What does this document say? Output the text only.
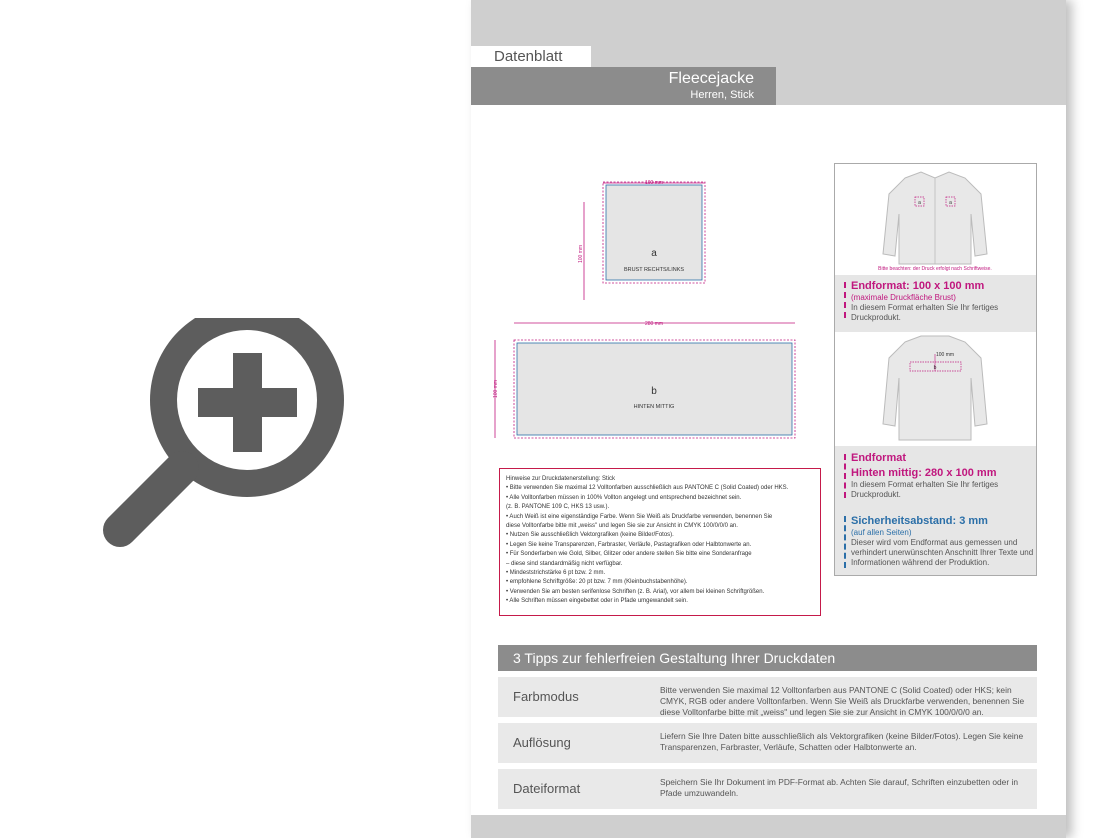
Datenblatt
Fleecejacke
Herren, Stick
100 mm
100 mm	a
BRUST RECHTS/LINKS
280 mm
100 mm	b
HINTEN MITTIG
Hinweise zur Druckdatenerstellung: Stick
• Bitte verwenden Sie maximal 12 Volltonfarben ausschließlich aus PANTONE C (Solid Coated) oder HKS.
• Alle Volltonfarben müssen in 100% Vollton angelegt und entsprechend bezeichnet sein.
(z. B. PANTONE 109 C, HKS 13 usw.).
• Auch Weiß ist eine eigenständige Farbe. Wenn Sie Weiß als Druckfarbe verwenden, benennen Sie
diese Volltonfarbe bitte mit „weiss" und legen Sie sie zur Ansicht in CMYK 100/0/0/0 an.
• Nutzen Sie ausschließlich Vektorgrafiken (keine Bilder/Fotos).
• Legen Sie keine Transparenzen, Farbraster, Verläufe, Pastagrafiken oder Halbtonwerte an.
• Für Sonderfarben wie Gold, Silber, Glitzer oder andere stellen Sie bitte eine Sonderanfrage
– diese sind standardmäßig nicht verfügbar.
• Mindeststrichstärke 6 pt bzw. 2 mm.
• empfohlene Schriftgröße: 20 pt bzw. 7 mm (Kleinbuchstabenhöhe).
• Verwenden Sie am besten serifenlose Schriften (z. B. Arial), vor allem bei kleinen Schriftgrößen.
• Alle Schriften müssen eingebettet oder in Pfade umgewandelt sein.
a	a
Bitte beachten: der Druck erfolgt nach Schriftweise.
Endformat: 100 x 100 mm
(maximale Druckfläche Brust)
In diesem Format erhalten Sie Ihr fertiges Druckprodukt.
100 mm
b
Endformat
Hinten mittig: 280 x 100 mm
In diesem Format erhalten Sie Ihr fertiges Druckprodukt.
Sicherheitsabstand: 3 mm
(auf allen Seiten)
Dieser wird vom Endformat aus gemessen und verhindert unerwünschten Anschnitt Ihrer Texte und Informationen während der Produktion.
3 Tipps zur fehlerfreien Gestaltung Ihrer Druckdaten
Farbmodus	Bitte verwenden Sie maximal 12 Volltonfarben aus PANTONE C (Solid Coated) oder HKS; kein CMYK, RGB oder andere Volltonfarben. Wenn Sie Weiß als Druckfarbe verwenden, benennen Sie diese Volltonfarbe bitte mit „weiss" und legen Sie sie zur Ansicht in CMYK 100/0/0/0 an.
Auflösung	Liefern Sie Ihre Daten bitte ausschließlich als Vektorgrafiken (keine Bilder/Fotos). Legen Sie keine Transparenzen, Farbraster, Verläufe, Schatten oder Halbtonwerte an.
Dateiformat	Speichern Sie Ihr Dokument im PDF-Format ab. Achten Sie darauf, Schriften einzubetten oder in Pfade umzuwandeln.
